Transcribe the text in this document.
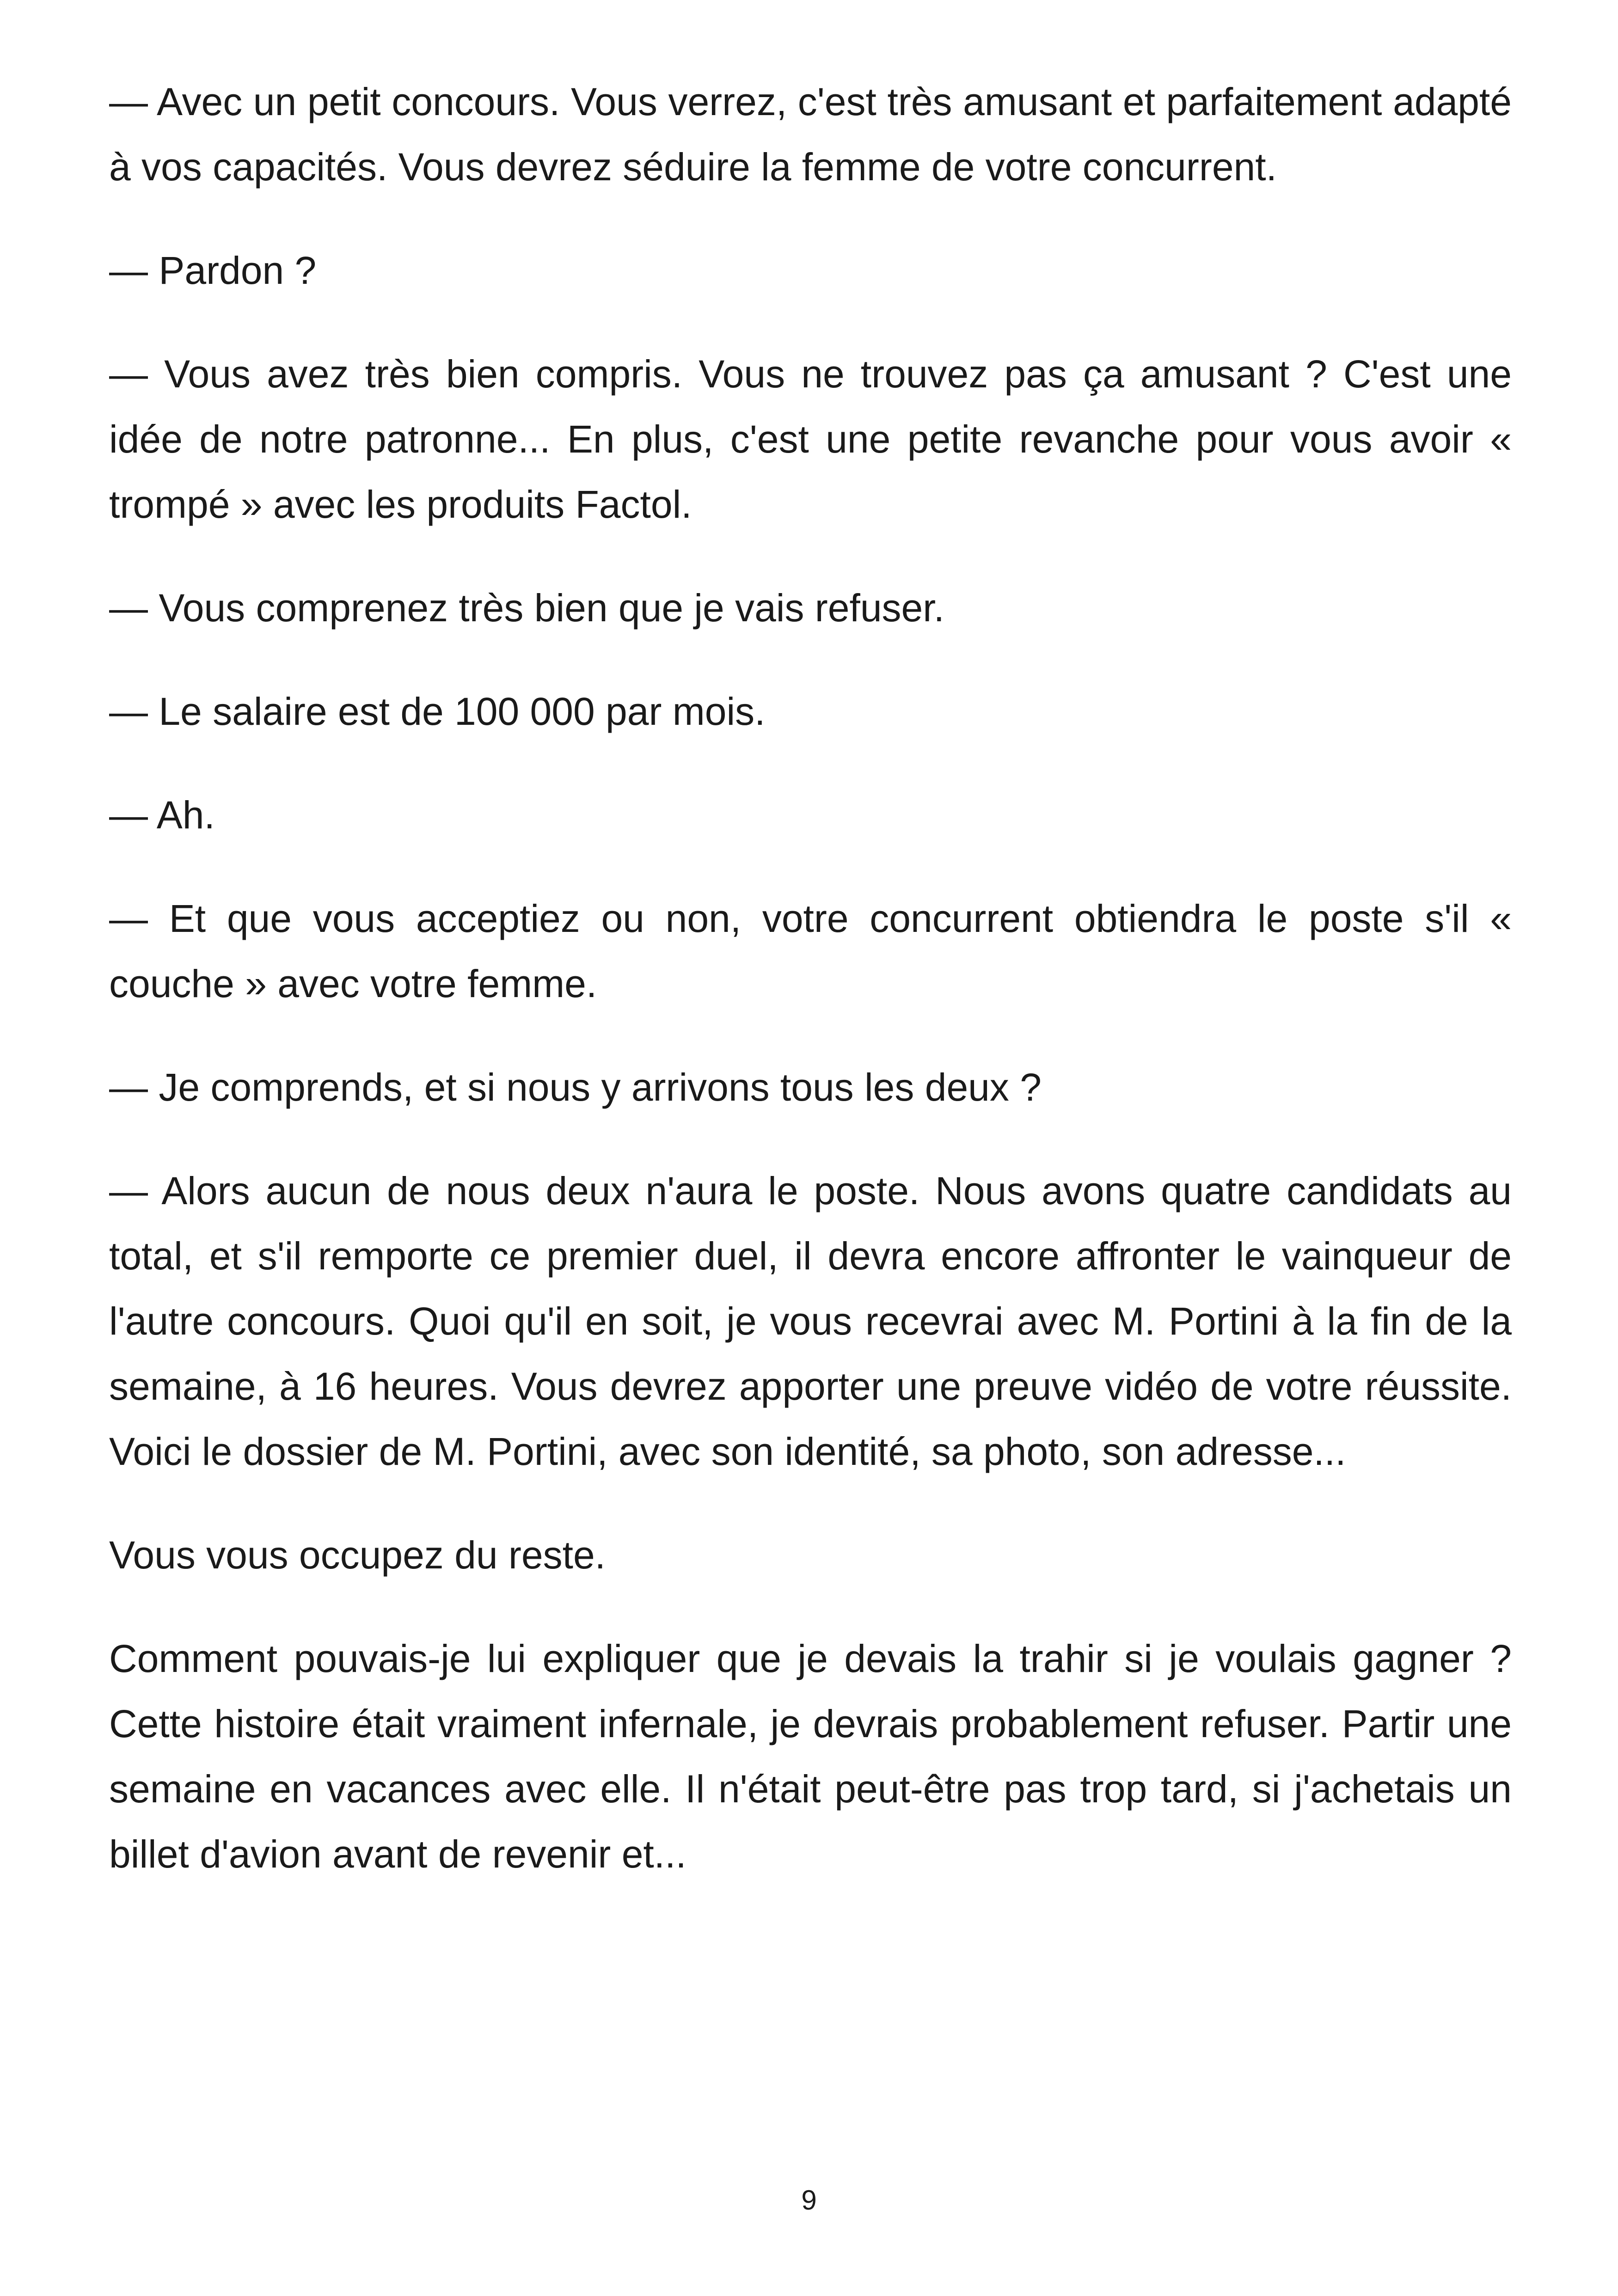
— Avec un petit concours. Vous verrez, c'est très amusant et parfaitement adapté à vos capacités. Vous devrez séduire la femme de votre concurrent.

— Pardon ?

— Vous avez très bien compris. Vous ne trouvez pas ça amusant ? C'est une idée de notre patronne... En plus, c'est une petite revanche pour vous avoir « trompé » avec les produits Factol.

— Vous comprenez très bien que je vais refuser.

— Le salaire est de 100 000 par mois.

— Ah.

— Et que vous acceptiez ou non, votre concurrent obtiendra le poste s'il « couche » avec votre femme.

— Je comprends, et si nous y arrivons tous les deux ?

— Alors aucun de nous deux n'aura le poste. Nous avons quatre candidats au total, et s'il remporte ce premier duel, il devra encore affronter le vainqueur de l'autre concours. Quoi qu'il en soit, je vous recevrai avec M. Portini à la fin de la semaine, à 16 heures. Vous devrez apporter une preuve vidéo de votre réussite. Voici le dossier de M. Portini, avec son identité, sa photo, son adresse...

Vous vous occupez du reste.

Comment pouvais-je lui expliquer que je devais la trahir si je voulais gagner ? Cette histoire était vraiment infernale, je devrais probablement refuser. Partir une semaine en vacances avec elle. Il n'était peut-être pas trop tard, si j'achetais un billet d'avion avant de revenir et...

9
